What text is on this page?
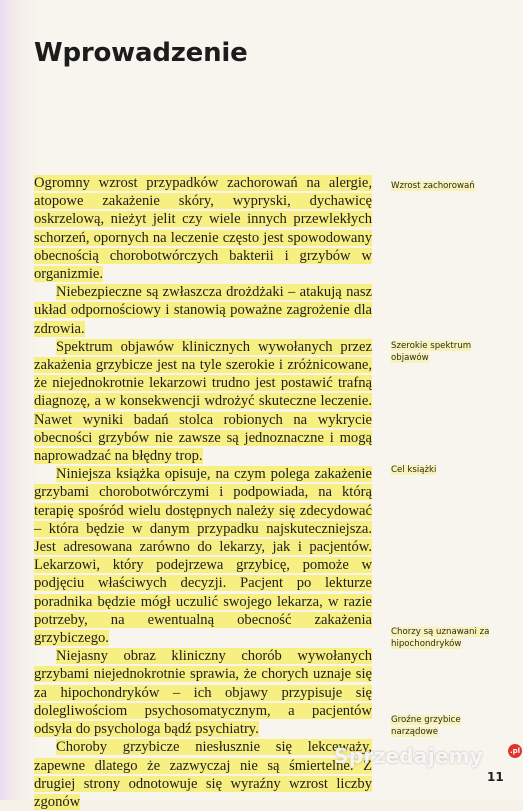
Wprowadzenie

Ogromny wzrost przypadków zachorowań na alergie, atopowe zakażenie skóry, wypryski, dychawicę oskrzelową, nieżyt jelit czy wiele innych przewlekłych schorzeń, opornych na leczenie często jest spowodowany obecnością chorobotwórczych bakterii i grzybów w organizmie.

Niebezpieczne są zwłaszcza drożdżaki – atakują nasz układ odpornościowy i stanowią poważne zagrożenie dla zdrowia.

Spektrum objawów klinicznych wywołanych przez zakażenia grzybicze jest na tyle szerokie i zróżnicowane, że niejednokrotnie lekarzowi trudno jest postawić trafną diagnozę, a w konsekwencji wdrożyć skuteczne leczenie. Nawet wyniki badań stolca robionych na wykrycie obecności grzybów nie zawsze są jednoznaczne i mogą naprowadzać na błędny trop.

Niniejsza książka opisuje, na czym polega zakażenie grzybami chorobotwórczymi i podpowiada, na którą terapię spośród wielu dostępnych należy się zdecydować – która będzie w danym przypadku najskuteczniejsza. Jest adresowana zarówno do lekarzy, jak i pacjentów. Lekarzowi, który podejrzewa grzybicę, pomoże w podjęciu właściwych decyzji. Pacjent po lekturze poradnika będzie mógł uczulić swojego lekarza, w razie potrzeby, na ewentualną obecność zakażenia grzybiczego.

Niejasny obraz kliniczny chorób wywołanych grzybami niejednokrotnie sprawia, że chorych uznaje się za hipochondryków – ich objawy przypisuje się dolegliwościom psychosomatycznym, a pacjentów odsyła do psychologa bądź psychiatry.

Choroby grzybicze niesłusznie się lekceważy, zapewne dlatego że zazwyczaj nie są śmiertelne. Z drugiej strony odnotowuje się wyraźny wzrost liczby zgonów

Wzrost zachorowań
Szerokie spektrum objawów
Cel książki
Chorzy są uznawani za hipochondryków
Groźne grzybice narządowe
Sprzedajemy	.pl
11
